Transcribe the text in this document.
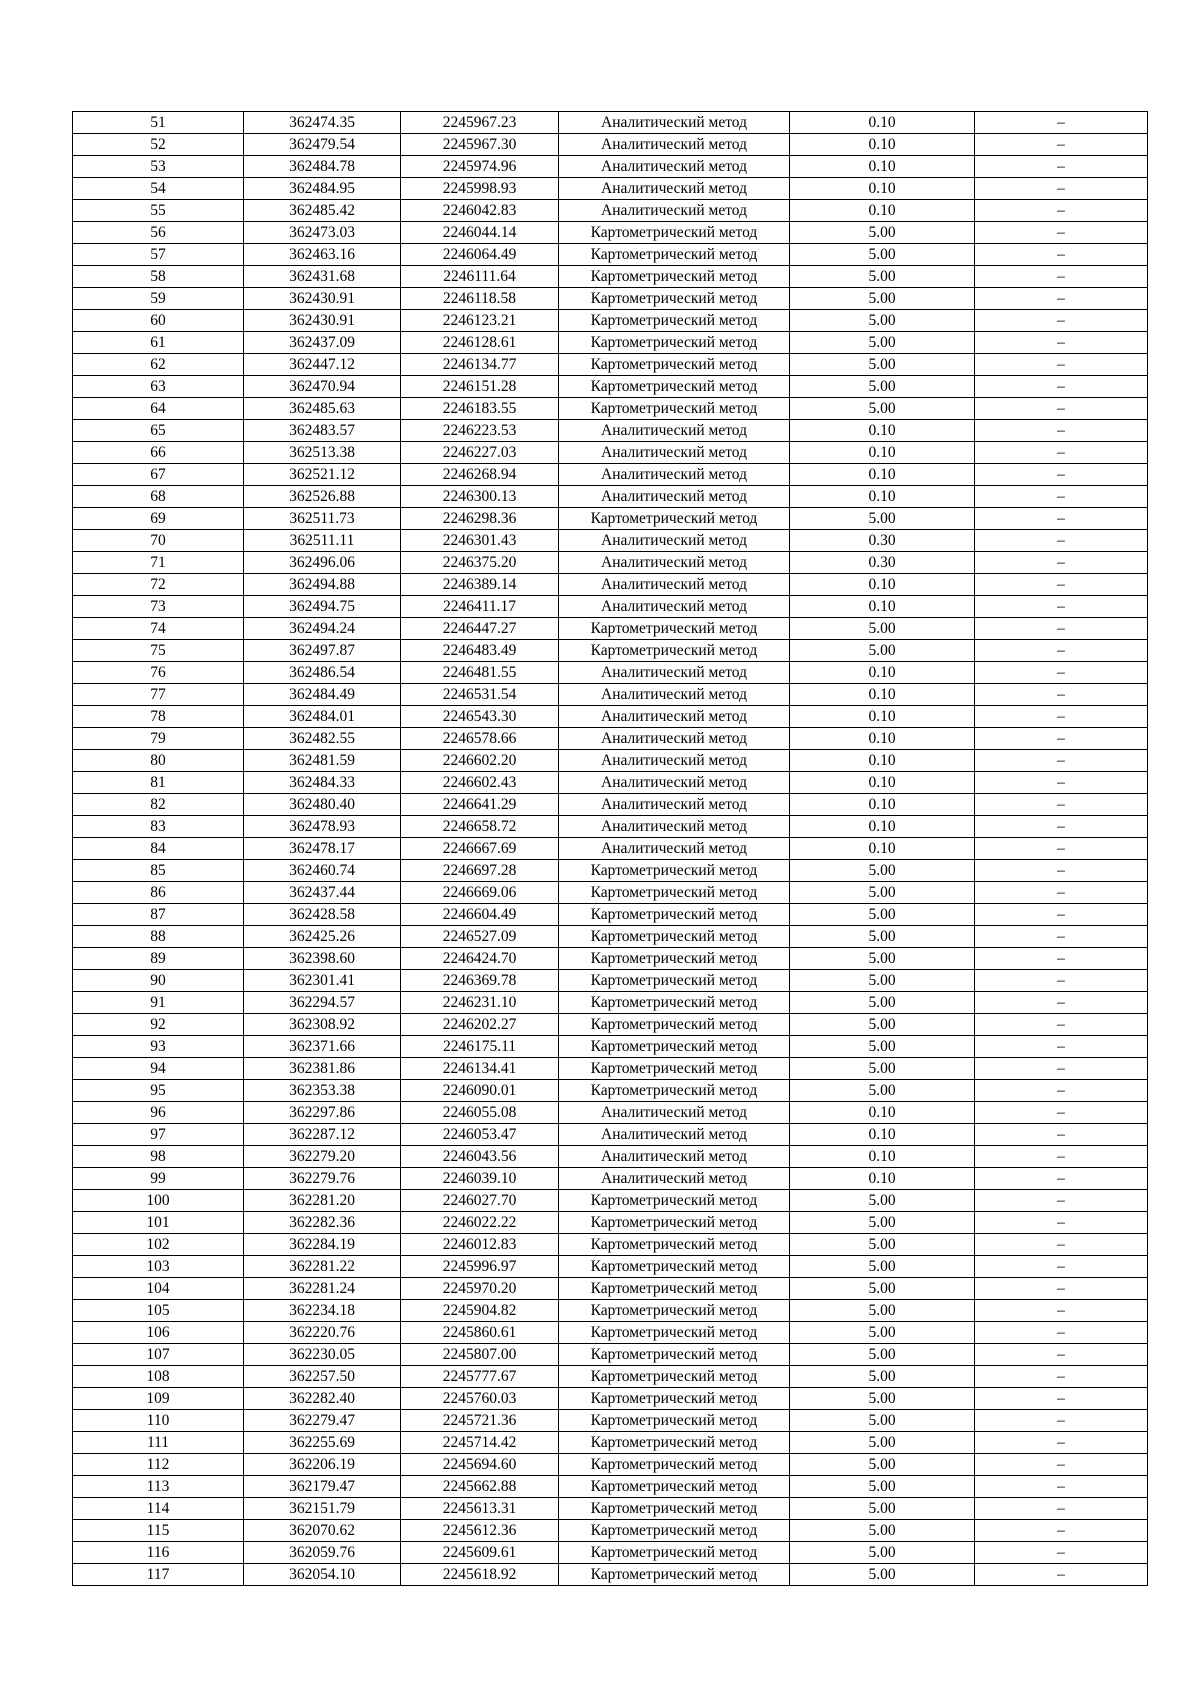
51	362474.35	2245967.23	Аналитический метод	0.10	–
52	362479.54	2245967.30	Аналитический метод	0.10	–
53	362484.78	2245974.96	Аналитический метод	0.10	–
54	362484.95	2245998.93	Аналитический метод	0.10	–
55	362485.42	2246042.83	Аналитический метод	0.10	–
56	362473.03	2246044.14	Картометрический метод	5.00	–
57	362463.16	2246064.49	Картометрический метод	5.00	–
58	362431.68	2246111.64	Картометрический метод	5.00	–
59	362430.91	2246118.58	Картометрический метод	5.00	–
60	362430.91	2246123.21	Картометрический метод	5.00	–
61	362437.09	2246128.61	Картометрический метод	5.00	–
62	362447.12	2246134.77	Картометрический метод	5.00	–
63	362470.94	2246151.28	Картометрический метод	5.00	–
64	362485.63	2246183.55	Картометрический метод	5.00	–
65	362483.57	2246223.53	Аналитический метод	0.10	–
66	362513.38	2246227.03	Аналитический метод	0.10	–
67	362521.12	2246268.94	Аналитический метод	0.10	–
68	362526.88	2246300.13	Аналитический метод	0.10	–
69	362511.73	2246298.36	Картометрический метод	5.00	–
70	362511.11	2246301.43	Аналитический метод	0.30	–
71	362496.06	2246375.20	Аналитический метод	0.30	–
72	362494.88	2246389.14	Аналитический метод	0.10	–
73	362494.75	2246411.17	Аналитический метод	0.10	–
74	362494.24	2246447.27	Картометрический метод	5.00	–
75	362497.87	2246483.49	Картометрический метод	5.00	–
76	362486.54	2246481.55	Аналитический метод	0.10	–
77	362484.49	2246531.54	Аналитический метод	0.10	–
78	362484.01	2246543.30	Аналитический метод	0.10	–
79	362482.55	2246578.66	Аналитический метод	0.10	–
80	362481.59	2246602.20	Аналитический метод	0.10	–
81	362484.33	2246602.43	Аналитический метод	0.10	–
82	362480.40	2246641.29	Аналитический метод	0.10	–
83	362478.93	2246658.72	Аналитический метод	0.10	–
84	362478.17	2246667.69	Аналитический метод	0.10	–
85	362460.74	2246697.28	Картометрический метод	5.00	–
86	362437.44	2246669.06	Картометрический метод	5.00	–
87	362428.58	2246604.49	Картометрический метод	5.00	–
88	362425.26	2246527.09	Картометрический метод	5.00	–
89	362398.60	2246424.70	Картометрический метод	5.00	–
90	362301.41	2246369.78	Картометрический метод	5.00	–
91	362294.57	2246231.10	Картометрический метод	5.00	–
92	362308.92	2246202.27	Картометрический метод	5.00	–
93	362371.66	2246175.11	Картометрический метод	5.00	–
94	362381.86	2246134.41	Картометрический метод	5.00	–
95	362353.38	2246090.01	Картометрический метод	5.00	–
96	362297.86	2246055.08	Аналитический метод	0.10	–
97	362287.12	2246053.47	Аналитический метод	0.10	–
98	362279.20	2246043.56	Аналитический метод	0.10	–
99	362279.76	2246039.10	Аналитический метод	0.10	–
100	362281.20	2246027.70	Картометрический метод	5.00	–
101	362282.36	2246022.22	Картометрический метод	5.00	–
102	362284.19	2246012.83	Картометрический метод	5.00	–
103	362281.22	2245996.97	Картометрический метод	5.00	–
104	362281.24	2245970.20	Картометрический метод	5.00	–
105	362234.18	2245904.82	Картометрический метод	5.00	–
106	362220.76	2245860.61	Картометрический метод	5.00	–
107	362230.05	2245807.00	Картометрический метод	5.00	–
108	362257.50	2245777.67	Картометрический метод	5.00	–
109	362282.40	2245760.03	Картометрический метод	5.00	–
110	362279.47	2245721.36	Картометрический метод	5.00	–
111	362255.69	2245714.42	Картометрический метод	5.00	–
112	362206.19	2245694.60	Картометрический метод	5.00	–
113	362179.47	2245662.88	Картометрический метод	5.00	–
114	362151.79	2245613.31	Картометрический метод	5.00	–
115	362070.62	2245612.36	Картометрический метод	5.00	–
116	362059.76	2245609.61	Картометрический метод	5.00	–
117	362054.10	2245618.92	Картометрический метод	5.00	–
